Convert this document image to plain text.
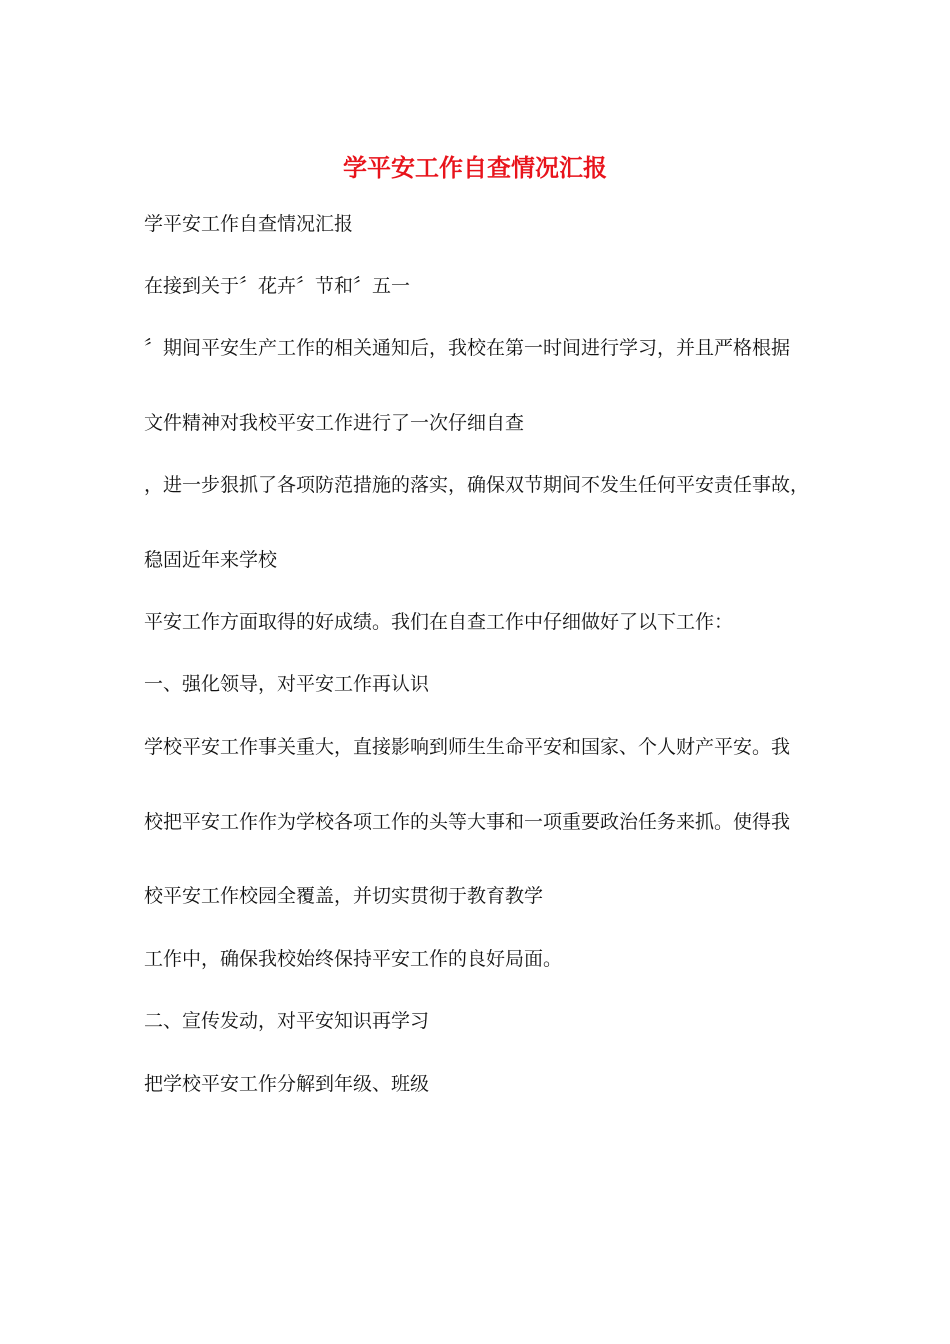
学平安工作自查情况汇报

学平安工作自查情况汇报

在接到关于〞花卉〞节和〞五一

〞期间平安生产工作的相关通知后，我校在第一时间进行学习，并且严格根据

文件精神对我校平安工作进行了一次仔细自查

，进一步狠抓了各项防范措施的落实，确保双节期间不发生任何平安责任事故，

稳固近年来学校

平安工作方面取得的好成绩。我们在自查工作中仔细做好了以下工作：

一、强化领导，对平安工作再认识

学校平安工作事关重大，直接影响到师生生命平安和国家、个人财产平安。我

校把平安工作作为学校各项工作的头等大事和一项重要政治任务来抓。使得我

校平安工作校园全覆盖，并切实贯彻于教育教学

工作中，确保我校始终保持平安工作的良好局面。

二、宣传发动，对平安知识再学习

把学校平安工作分解到年级、班级
